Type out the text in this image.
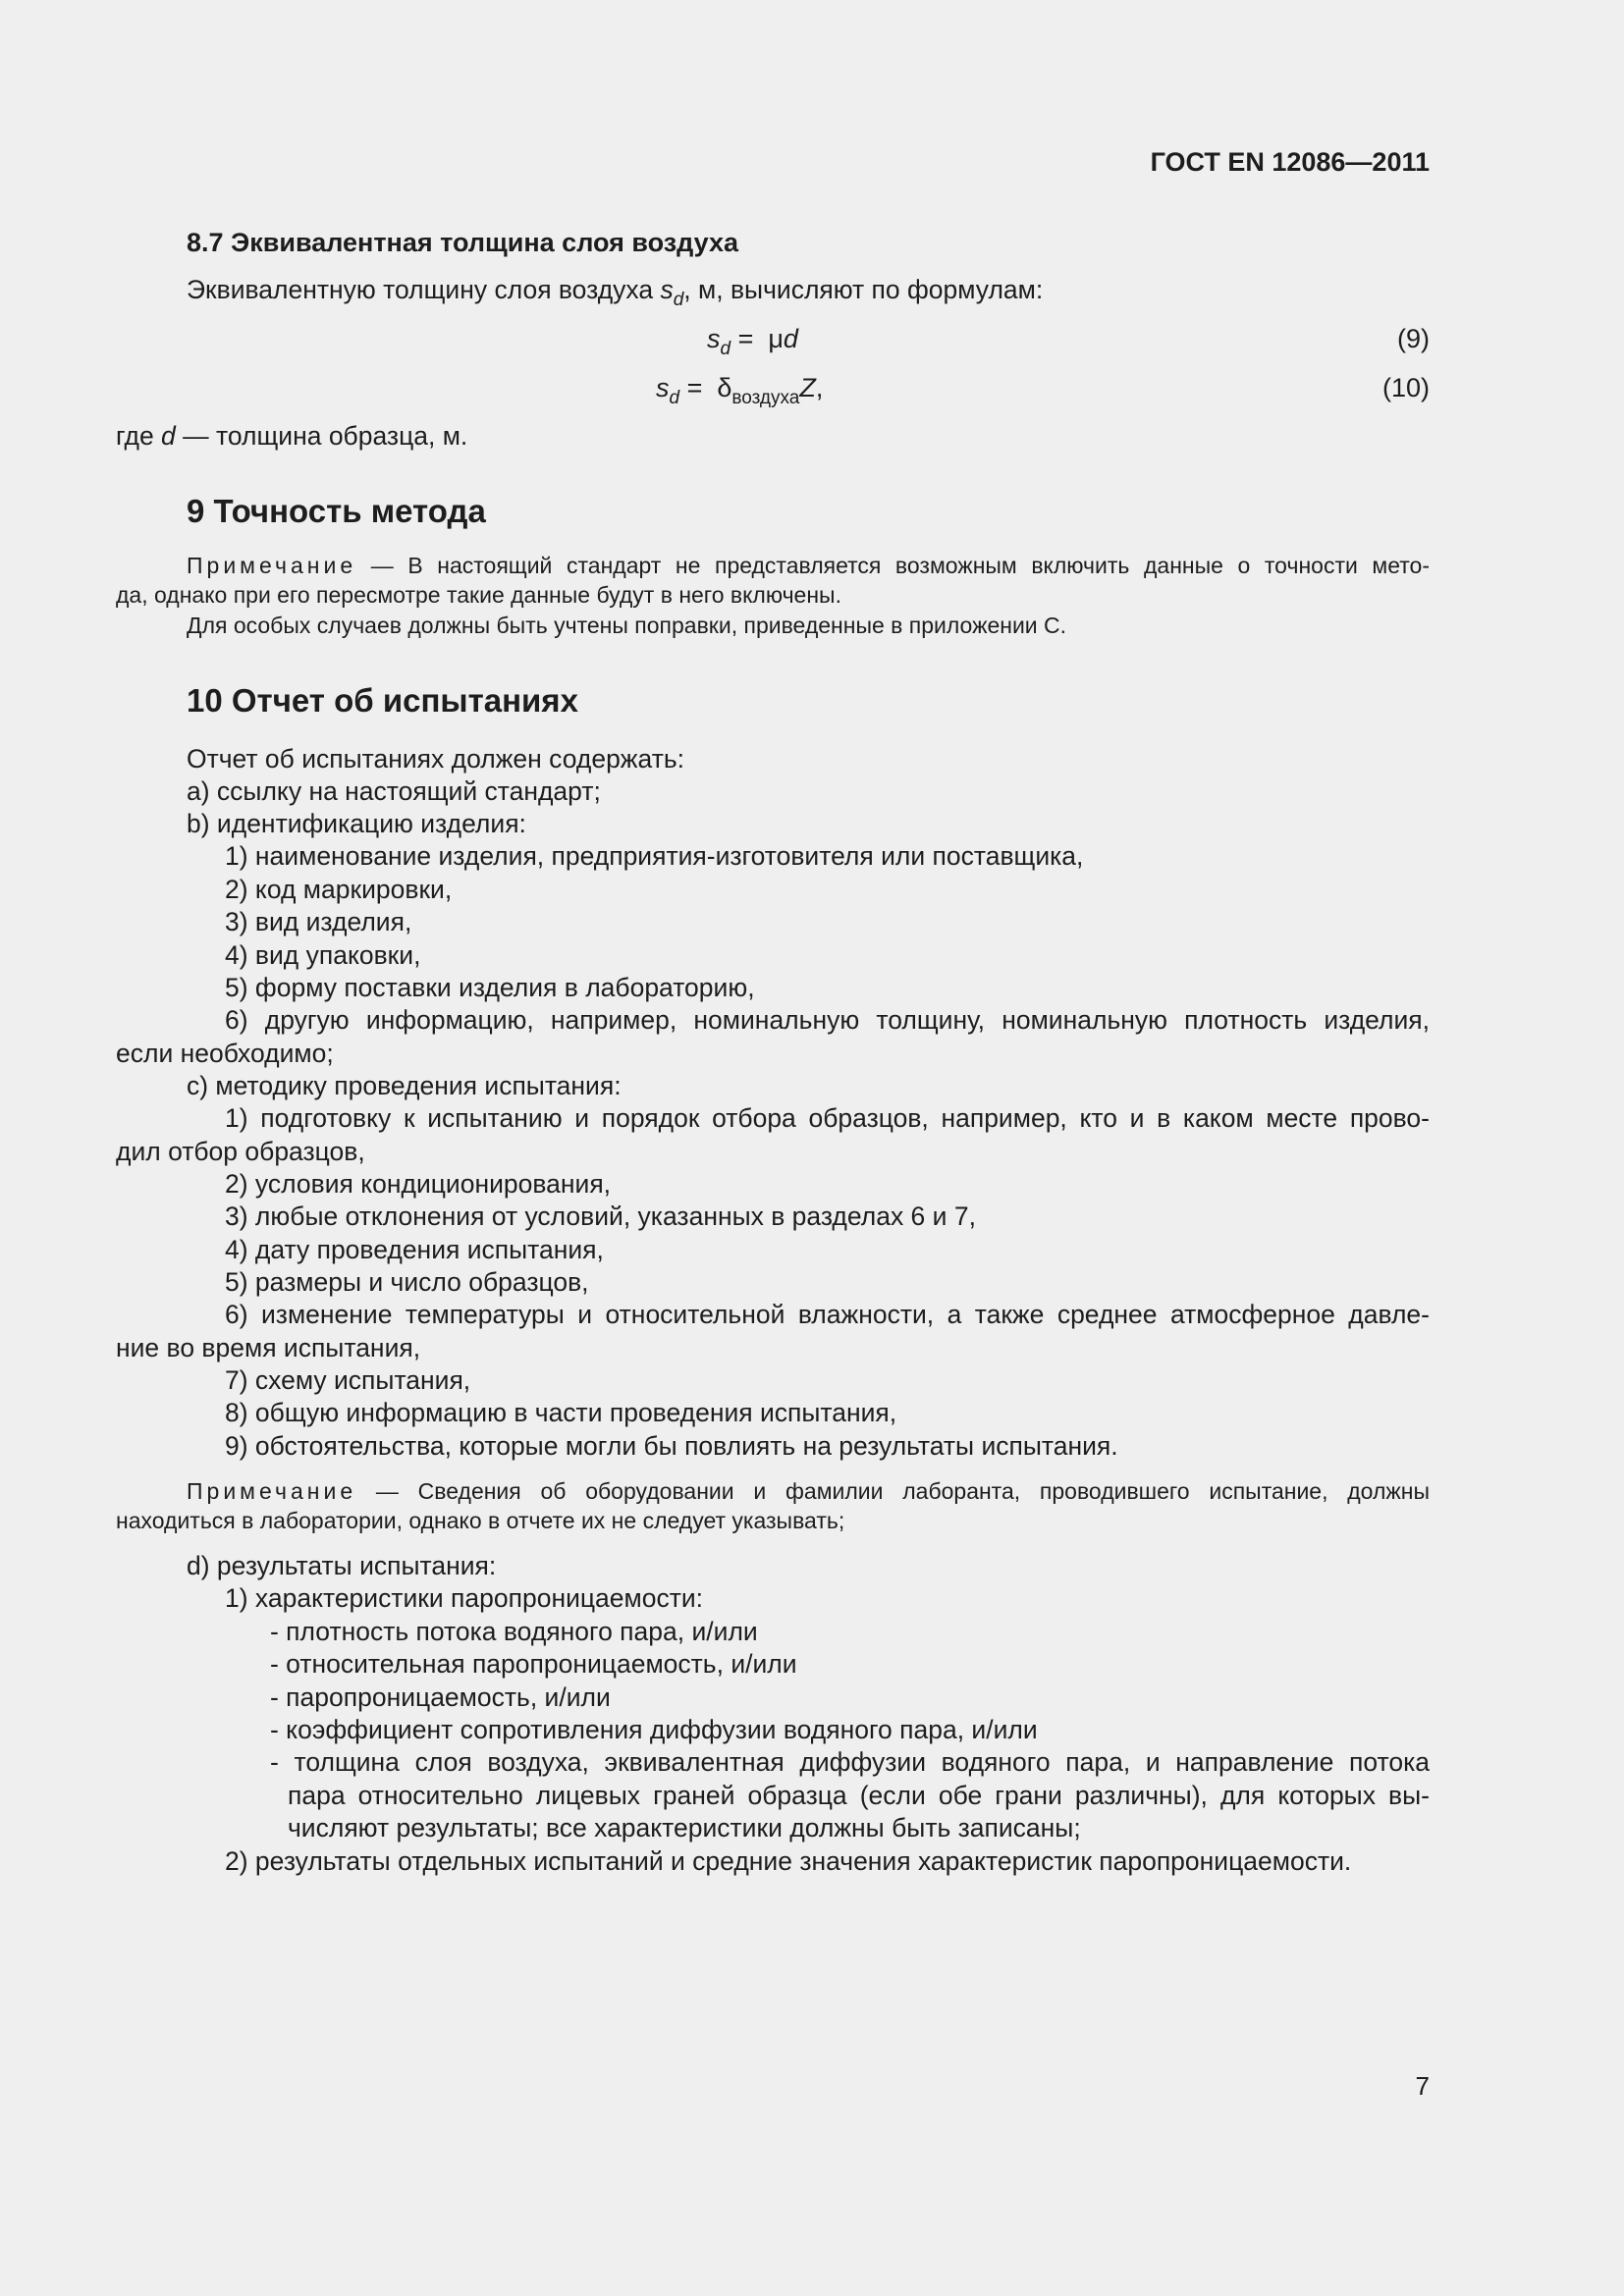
ГОСТ EN 12086—2011
8.7 Эквивалентная толщина слоя воздуха
Эквивалентную толщину слоя воздуха $s_d$, м, вычисляют по формулам:
$s_d = \mu d$	(9)
$s_d = \delta_{воздуха}Z$,	(10)
где d — толщина образца, м.
9 Точность метода
Примечание — В настоящий стандарт не представляется возможным включить данные о точности мето-
да, однако при его пересмотре такие данные будут в него включены.
Для особых случаев должны быть учтены поправки, приведенные в приложении С.
10 Отчет об испытаниях
Отчет об испытаниях должен содержать:
a) ссылку на настоящий стандарт;
b) идентификацию изделия:
1) наименование изделия, предприятия-изготовителя или поставщика,
2) код маркировки,
3) вид изделия,
4) вид упаковки,
5) форму поставки изделия в лабораторию,
6) другую информацию, например, номинальную толщину, номинальную плотность изделия,
если необходимо;
c) методику проведения испытания:
1) подготовку к испытанию и порядок отбора образцов, например, кто и в каком месте прово-
дил отбор образцов,
2) условия кондиционирования,
3) любые отклонения от условий, указанных в разделах 6 и 7,
4) дату проведения испытания,
5) размеры и число образцов,
6) изменение температуры и относительной влажности, а также среднее атмосферное давле-
ние во время испытания,
7) схему испытания,
8) общую информацию в части проведения испытания,
9) обстоятельства, которые могли бы повлиять на результаты испытания.
Примечание — Сведения об оборудовании и фамилии лаборанта, проводившего испытание, должны
находиться в лаборатории, однако в отчете их не следует указывать;
d) результаты испытания:
1) характеристики паропроницаемости:
- плотность потока водяного пара, и/или
- относительная паропроницаемость, и/или
- паропроницаемость, и/или
- коэффициент сопротивления диффузии водяного пара, и/или
- толщина слоя воздуха, эквивалентная диффузии водяного пара, и направление потока
пара относительно лицевых граней образца (если обе грани различны), для которых вы-
числяют результаты; все характеристики должны быть записаны;
2) результаты отдельных испытаний и средние значения характеристик паропроницаемости.
7
